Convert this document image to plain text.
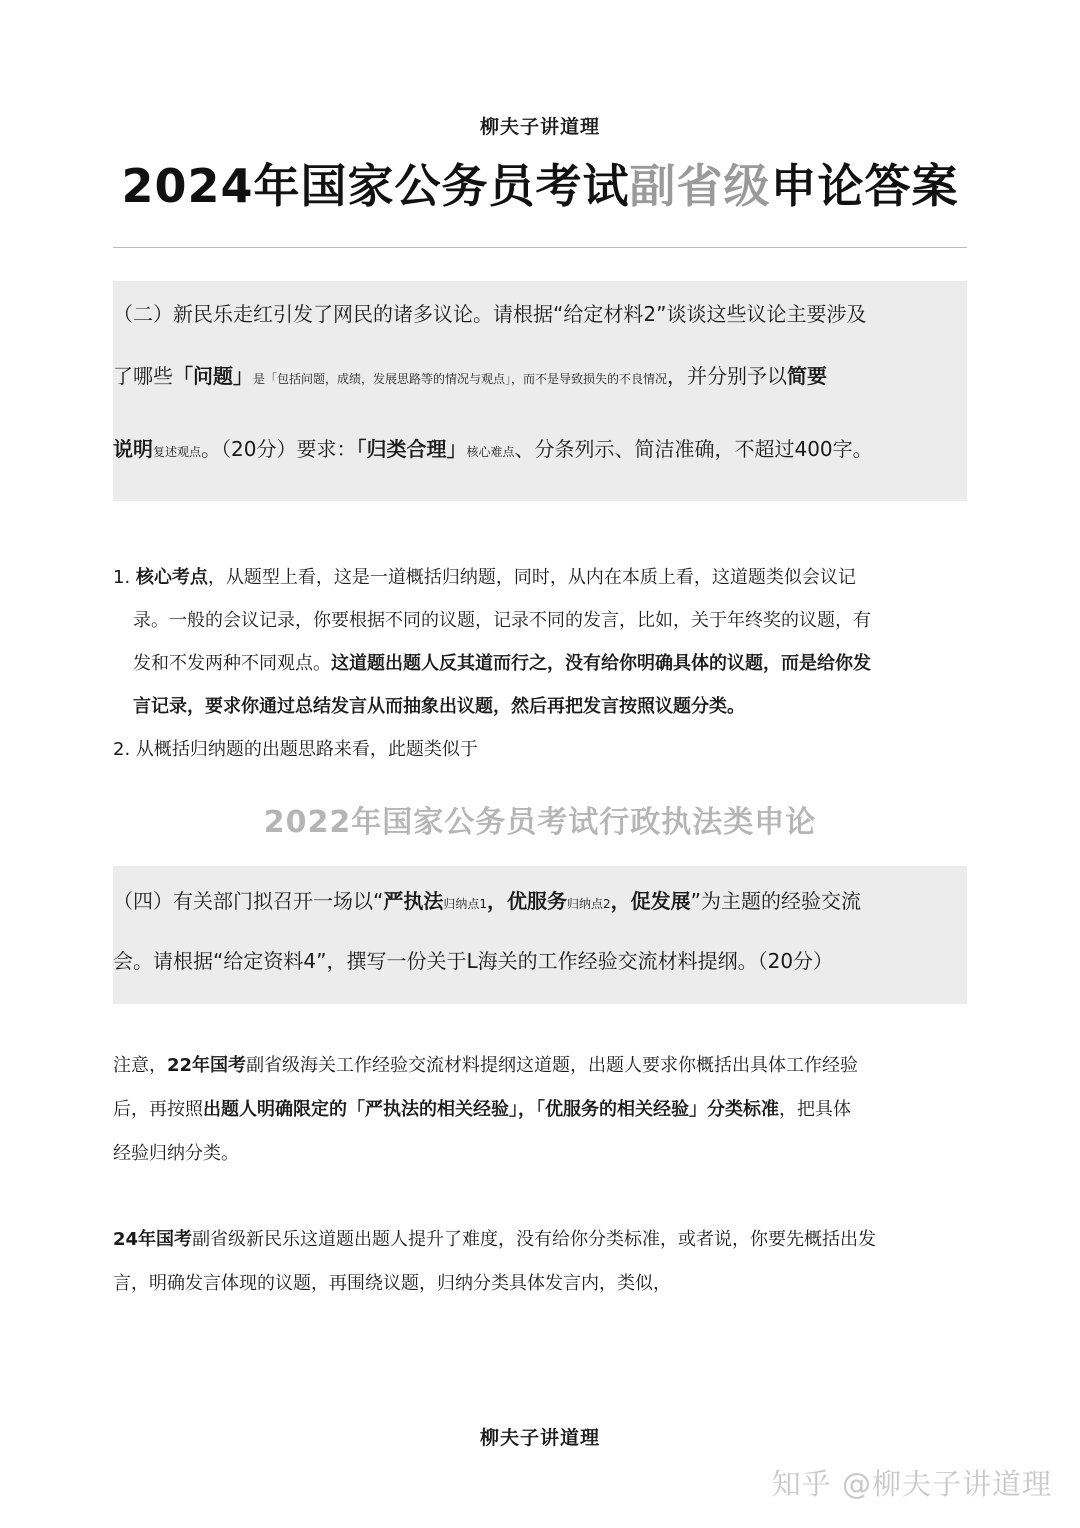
柳夫子讲道理
2024年国家公务员考试副省级申论答案
（二）新民乐走红引发了网民的诸多议论。请根据“给定材料2”谈谈这些议论主要涉及
了哪些「问题」是「包括问题，成绩，发展思路等的情况与观点」，而不是导致损失的不良情况，并分别予以简要
说明复述观点。（20分）要求：「归类合理」核心难点、分条列示、简洁准确，不超过400字。
1. 核心考点，从题型上看，这是一道概括归纳题，同时，从内在本质上看，这道题类似会议记
录。一般的会议记录，你要根据不同的议题，记录不同的发言，比如，关于年终奖的议题，有
发和不发两种不同观点。这道题出题人反其道而行之，没有给你明确具体的议题，而是给你发
言记录，要求你通过总结发言从而抽象出议题，然后再把发言按照议题分类。
2. 从概括归纳题的出题思路来看，此题类似于
2022年国家公务员考试行政执法类申论
（四）有关部门拟召开一场以“严执法归纳点1，优服务归纳点2，促发展”为主题的经验交流
会。请根据“给定资料4”，撰写一份关于L海关的工作经验交流材料提纲。（20分）
注意，22年国考副省级海关工作经验交流材料提纲这道题，出题人要求你概括出具体工作经验
后，再按照出题人明确限定的「严执法的相关经验」，「优服务的相关经验」分类标准，把具体
经验归纳分类。
24年国考副省级新民乐这道题出题人提升了难度，没有给你分类标准，或者说，你要先概括出发
言，明确发言体现的议题，再围绕议题，归纳分类具体发言内，类似，
柳夫子讲道理
知乎 @柳夫子讲道理
